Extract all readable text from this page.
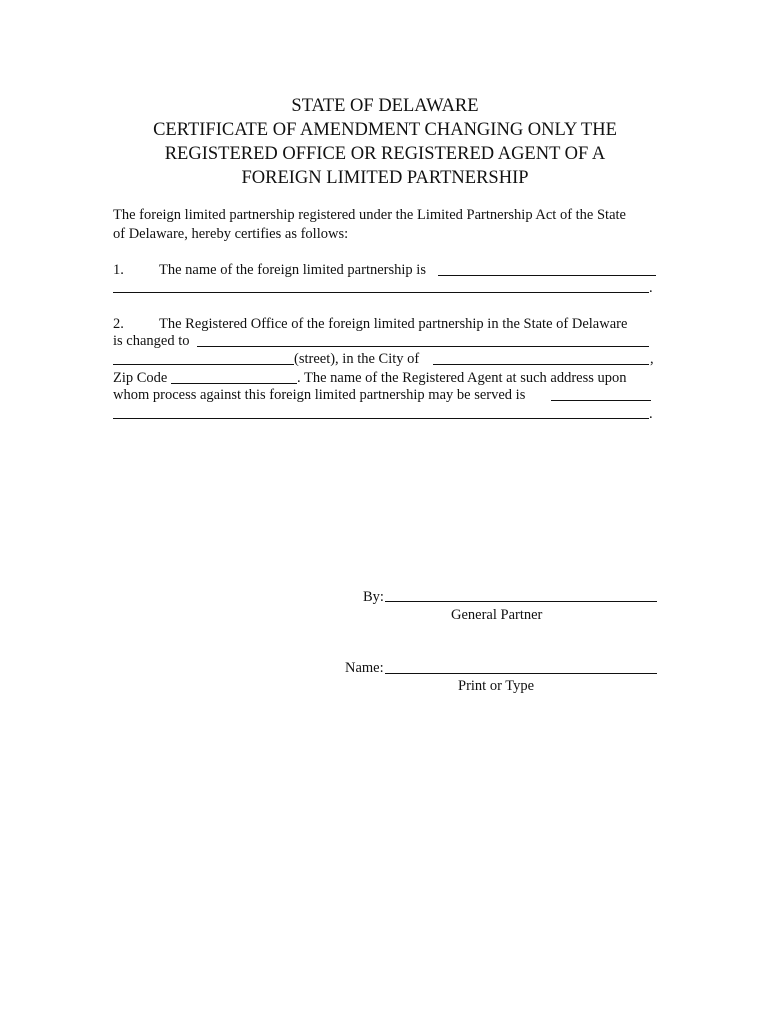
STATE OF DELAWARE
CERTIFICATE OF AMENDMENT CHANGING ONLY THE
REGISTERED OFFICE OR REGISTERED AGENT OF A
FOREIGN LIMITED PARTNERSHIP
The foreign limited partnership registered under the Limited Partnership Act of the State
of Delaware, hereby certifies as follows:
1. The name of the foreign limited partnership is
.
2. The Registered Office of the foreign limited partnership in the State of Delaware
is changed to
(street), in the City of	,
Zip Code	. The name of the Registered Agent at such address upon
whom process against this foreign limited partnership may be served is
.
By:
General Partner
Name:
Print or Type
